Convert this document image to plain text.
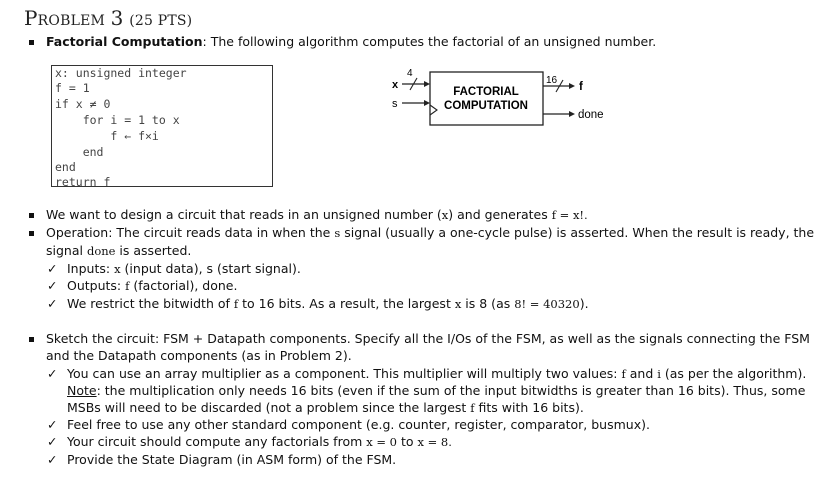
PROBLEM 3 (25 PTS)
Factorial Computation: The following algorithm computes the factorial of an unsigned number.
x: unsigned integer
f = 1
if x ≠ 0
for i = 1 to x
f ← f×i
end
end
return f
FACTORIAL
COMPUTATION
x
4
s
16
f
done
We want to design a circuit that reads in an unsigned number (x) and generates f = x!.
Operation: The circuit reads data in when the s signal (usually a one-cycle pulse) is asserted. When the result is ready, the
signal done is asserted.
✓ Inputs: x (input data), s (start signal).
✓ Outputs: f (factorial), done.
✓ We restrict the bitwidth of f to 16 bits. As a result, the largest x is 8 (as 8! = 40320).
Sketch the circuit: FSM + Datapath components. Specify all the I/Os of the FSM, as well as the signals connecting the FSM
and the Datapath components (as in Problem 2).
✓ You can use an array multiplier as a component. This multiplier will multiply two values: f and i (as per the algorithm).
Note: the multiplication only needs 16 bits (even if the sum of the input bitwidths is greater than 16 bits). Thus, some
MSBs will need to be discarded (not a problem since the largest f fits with 16 bits).
✓ Feel free to use any other standard component (e.g. counter, register, comparator, busmux).
✓ Your circuit should compute any factorials from x = 0 to x = 8.
✓ Provide the State Diagram (in ASM form) of the FSM.
